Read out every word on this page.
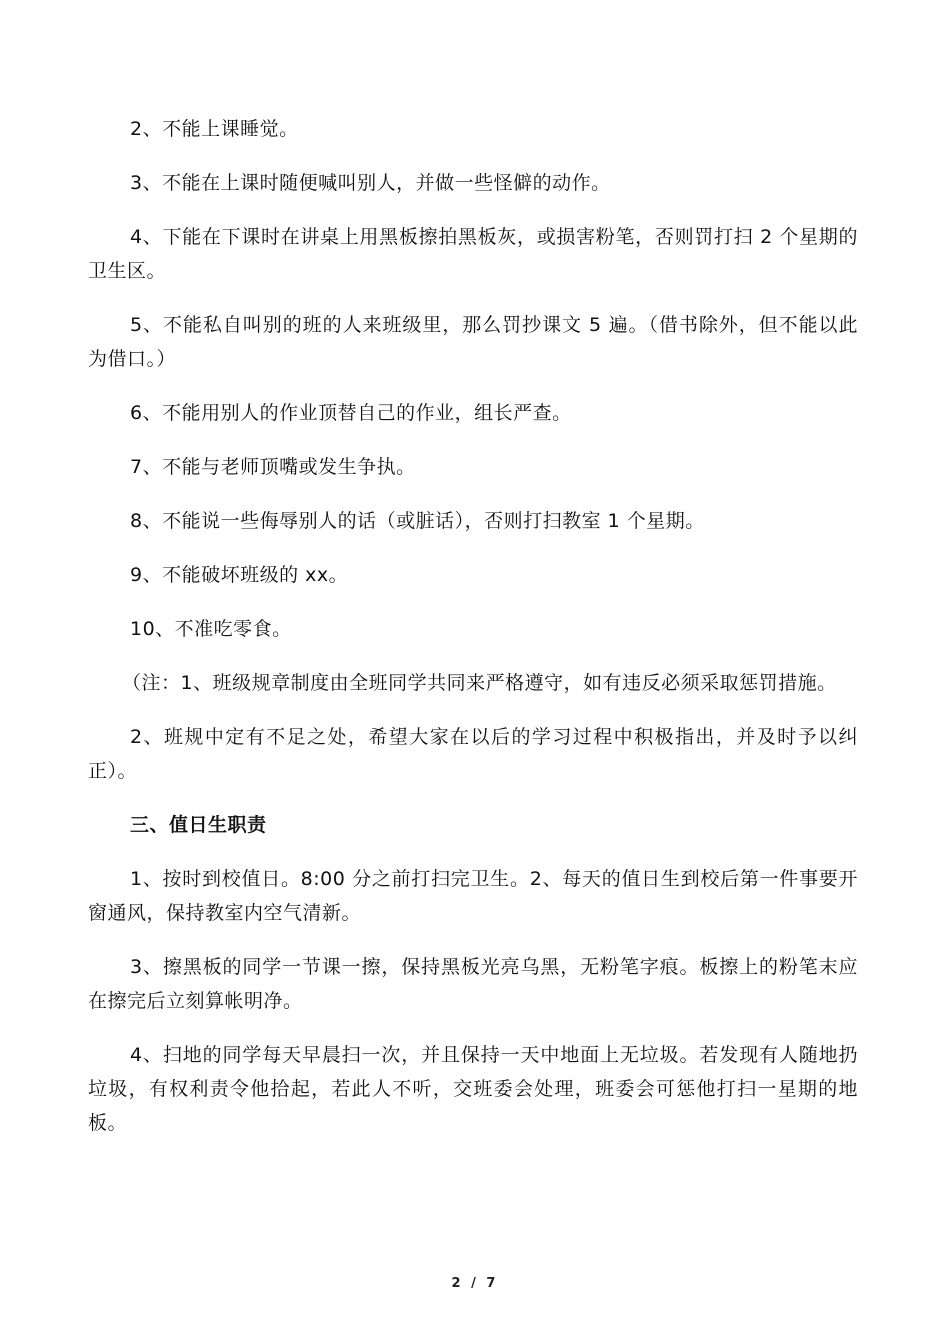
2、不能上课睡觉。

3、不能在上课时随便喊叫别人，并做一些怪僻的动作。

4、下能在下课时在讲桌上用黑板擦拍黑板灰，或损害粉笔，否则罚打扫 2 个星期的卫生区。

5、不能私自叫别的班的人来班级里，那么罚抄课文 5 遍。（借书除外，但不能以此为借口。）

6、不能用别人的作业顶替自己的作业，组长严查。

7、不能与老师顶嘴或发生争执。

8、不能说一些侮辱别人的话（或脏话），否则打扫教室 1 个星期。

9、不能破坏班级的 xx。

10、不准吃零食。

（注：1、班级规章制度由全班同学共同来严格遵守，如有违反必须采取惩罚措施。

2、班规中定有不足之处，希望大家在以后的学习过程中积极指出，并及时予以纠正）。

三、值日生职责

1、按时到校值日。8:00 分之前打扫完卫生。2、每天的值日生到校后第一件事要开窗通风，保持教室内空气清新。

3、擦黑板的同学一节课一擦，保持黑板光亮乌黑，无粉笔字痕。板擦上的粉笔末应在擦完后立刻算帐明净。

4、扫地的同学每天早晨扫一次，并且保持一天中地面上无垃圾。若发现有人随地扔垃圾，有权利责令他拾起，若此人不听，交班委会处理，班委会可惩他打扫一星期的地板。

2 / 7
